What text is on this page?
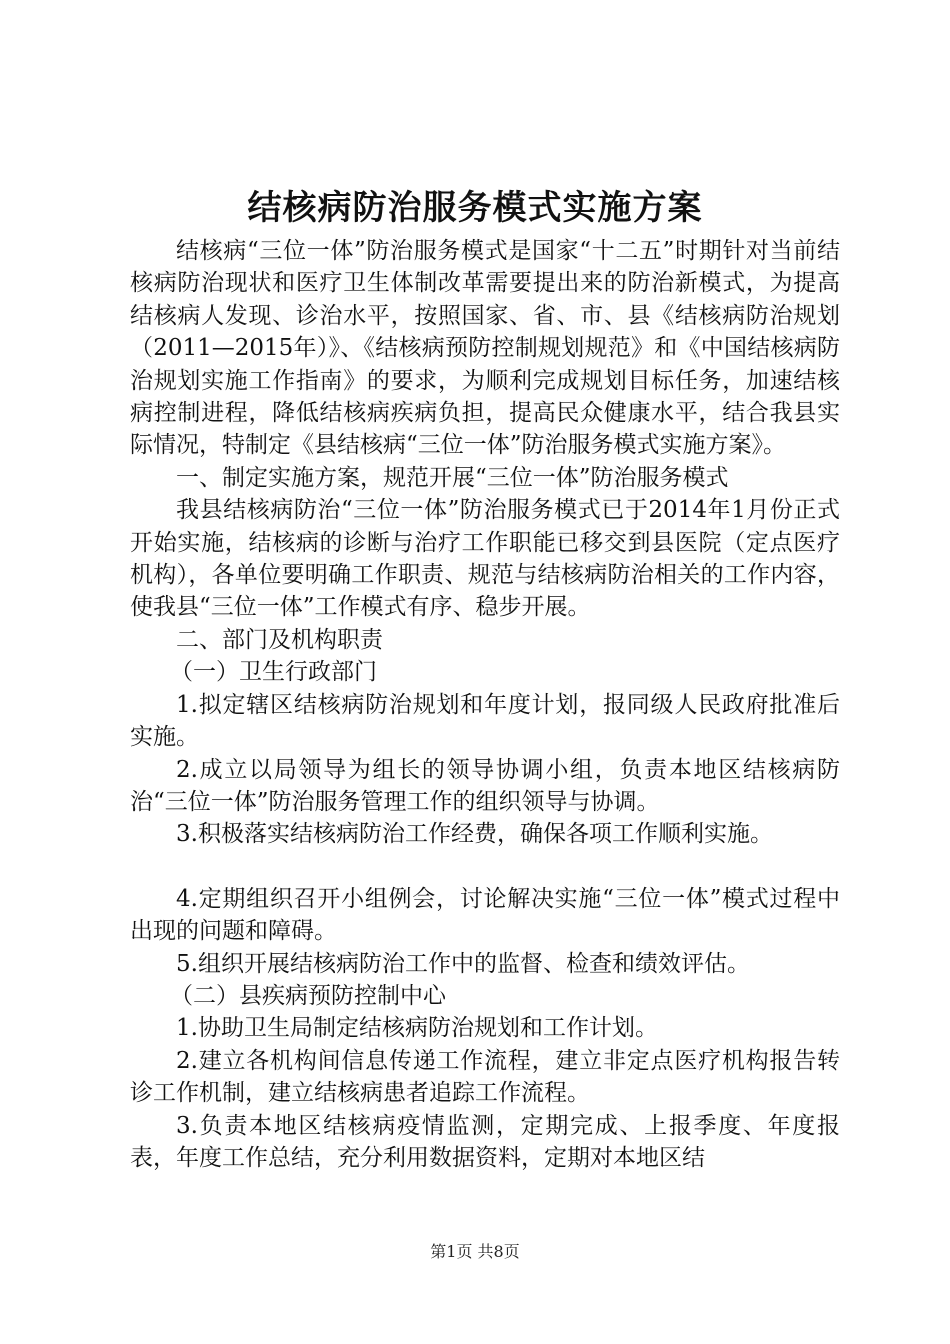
结核病防治服务模式实施方案

结核病“三位一体”防治服务模式是国家“十二五”时期针对当前结核病防治现状和医疗卫生体制改革需要提出来的防治新模式，为提高结核病人发现、诊治水平，按照国家、省、市、县《结核病防治规划（2011—2015年）》、《结核病预防控制规划规范》和《中国结核病防治规划实施工作指南》的要求，为顺利完成规划目标任务，加速结核病控制进程，降低结核病疾病负担，提高民众健康水平，结合我县实际情况，特制定《县结核病“三位一体”防治服务模式实施方案》。

一、制定实施方案，规范开展“三位一体”防治服务模式

我县结核病防治“三位一体”防治服务模式已于2014年1月份正式开始实施，结核病的诊断与治疗工作职能已移交到县医院（定点医疗机构），各单位要明确工作职责、规范与结核病防治相关的工作内容，使我县“三位一体”工作模式有序、稳步开展。

二、部门及机构职责

（一）卫生行政部门

1.拟定辖区结核病防治规划和年度计划，报同级人民政府批准后实施。

2.成立以局领导为组长的领导协调小组，负责本地区结核病防治“三位一体”防治服务管理工作的组织领导与协调。

3.积极落实结核病防治工作经费，确保各项工作顺利实施。

4.定期组织召开小组例会，讨论解决实施“三位一体”模式过程中出现的问题和障碍。

5.组织开展结核病防治工作中的监督、检查和绩效评估。

（二）县疾病预防控制中心

1.协助卫生局制定结核病防治规划和工作计划。

2.建立各机构间信息传递工作流程，建立非定点医疗机构报告转诊工作机制，建立结核病患者追踪工作流程。

3.负责本地区结核病疫情监测，定期完成、上报季度、年度报表，年度工作总结，充分利用数据资料，定期对本地区结

第1页 共8页
